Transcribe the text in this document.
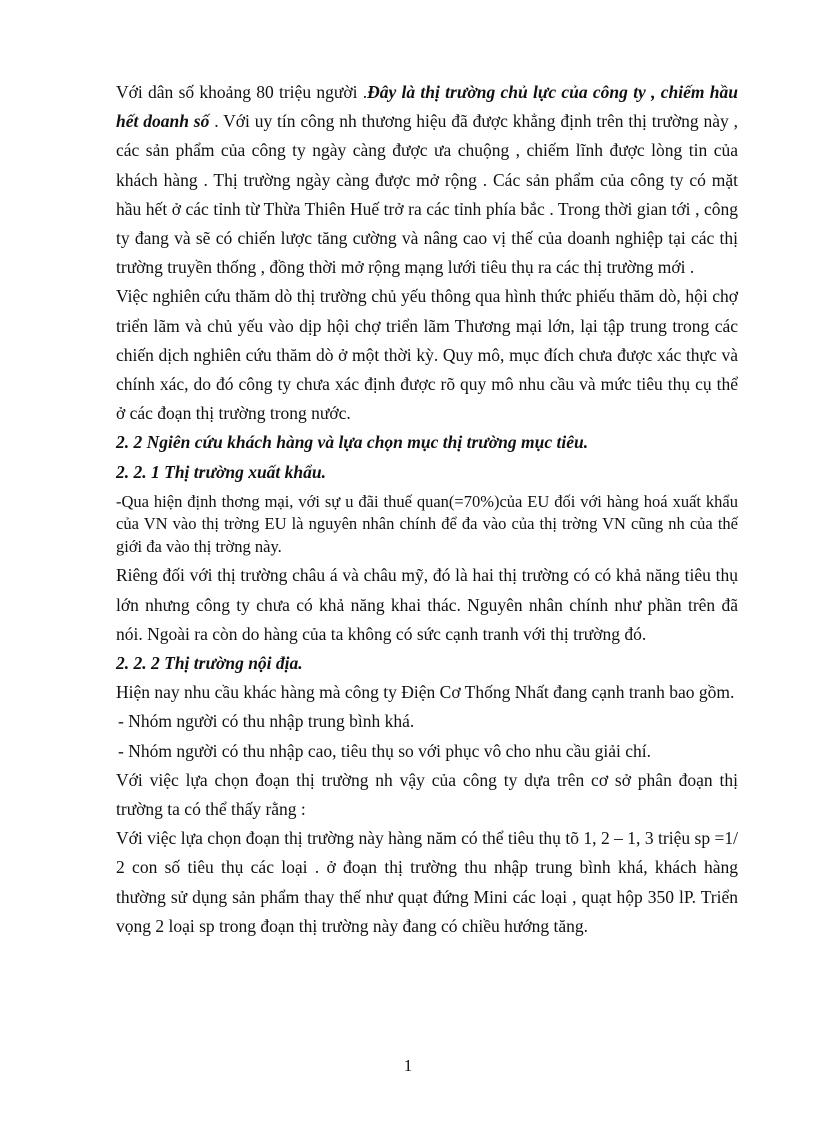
Với dân số khoảng 80 triệu người .Đây là thị trường chủ lực của công ty , chiếm hầu hết doanh số . Với uy tín công nh thương hiệu đã được khẳng định trên thị trường này , các sản phẩm của công ty ngày càng được ưa chuộng , chiếm lĩnh được lòng tin của khách hàng . Thị trường ngày càng được mở rộng . Các sản phẩm của công ty có mặt hầu hết ở các tỉnh từ Thừa Thiên Huế trở ra các tỉnh phía bắc . Trong thời gian tới , công ty đang và sẽ có chiến lược tăng cường và nâng cao vị thế của doanh nghiệp tại các thị trường truyền thống , đồng thời mở rộng mạng lưới tiêu thụ ra các thị trường mới .

Việc nghiên cứu thăm dò thị trường chủ yếu thông qua hình thức phiếu thăm dò, hội chợ triển lãm và chủ yếu vào dịp hội chợ triển lãm Thương mại lớn, lại tập trung trong các chiến dịch nghiên cứu thăm dò ở một thời kỳ. Quy mô, mục đích chưa được xác thực và chính xác, do đó công ty chưa xác định được rõ quy mô nhu cầu và mức tiêu thụ cụ thể ở các đoạn thị trường trong nước.

2. 2 Ngiên cứu khách hàng và lựa chọn mục thị trường mục tiêu.

2. 2. 1 Thị trường xuất khẩu.

-Qua hiện định thơng mại, với sự u đãi thuế quan(=70%)của EU đối với hàng hoá xuất khẩu của VN vào thị trờng EU là nguyên nhân chính để đa vào của thị trờng VN cũng nh của thế giới đa vào thị trờng này.

Riêng đối với thị trường châu á và châu mỹ, đó là hai thị trường có có khả năng tiêu thụ lớn nhưng công ty chưa có khả năng khai thác. Nguyên nhân chính như phần trên đã nói. Ngoài ra còn do hàng của ta không có sức cạnh tranh với thị trường đó.

2. 2. 2 Thị trường nội địa.

Hiện nay nhu cầu khác hàng mà công ty Điện Cơ Thống Nhất đang cạnh tranh bao gồm.

- Nhóm người có thu nhập trung bình khá.

- Nhóm người có thu nhập cao, tiêu thụ so với phục vô cho nhu cầu giải chí.

Với việc lựa chọn đoạn thị trường nh vậy của công ty dựa trên cơ sở phân đoạn thị trường ta có thể thấy rằng :

Với việc lựa chọn đoạn thị trường này hàng năm có thể tiêu thụ tõ 1, 2 – 1, 3 triệu sp =1/ 2 con số tiêu thụ các loại . ở đoạn thị trường thu nhập trung bình khá, khách hàng thường sử dụng sản phẩm thay thế như quạt đứng Mini các loại , quạt hộp 350 lP. Triển vọng 2 loại sp trong đoạn thị trường này đang có chiều hướng tăng.

1
